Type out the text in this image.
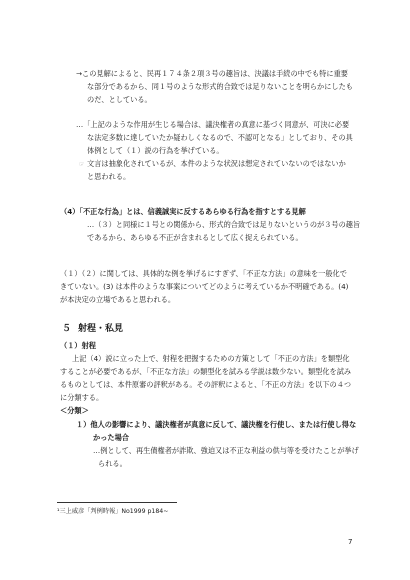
→この見解によると、民再１７４条２項３号の趣旨は、決議は手続の中でも特に重要
な部分であるから、同１号のような形式的合致では足りないことを明らかにしたも
のだ、としている。
…「上記のような作用が生じる場合は、議決権者の真意に基づく同意が、可決に必要
な法定多数に達していたか疑わしくなるので、不認可となる」としており、その具
体例として（１）説の行為を挙げている。
☞ 文言は抽象化されているが、本件のような状況は想定されていないのではないか
と思われる。
（4）「不正な行為」とは、信義誠実に反するあらゆる行為を指すとする見解
…（３）と同様に１号との関係から、形式的合致では足りないというのが３号の趣旨
であるから、あらゆる不正が含まれるとして広く捉えられている。
（１）（２）に関しては、具体的な例を挙げるにすぎず、「不正な方法」の意味を一般化で
きていない。(3) は本件のような事案についてどのように考えているか不明確である。(4)
が本決定の立場であると思われる。
５ 射程・私見
（１）射程
上記（4）説に立った上で、射程を把握するための方策として「不正の方法」を類型化
することが必要であるが、「不正な方法」の類型化を試みる学説は数少ない。類型化を試み
るものとしては、本件原審の評釈がある。その評釈によると、「不正の方法」を以下の４つ
に分類する。
＜分類＞
１）他人の影響により、議決権者が真意に反して、議決権を行使し、または行使し得な
かった場合
…例として、再生債権者が詐欺、強迫又は不正な利益の供与等を受けたことが挙げ
られる。
¹三上威彦「判例時報」No1999 p184~
7
